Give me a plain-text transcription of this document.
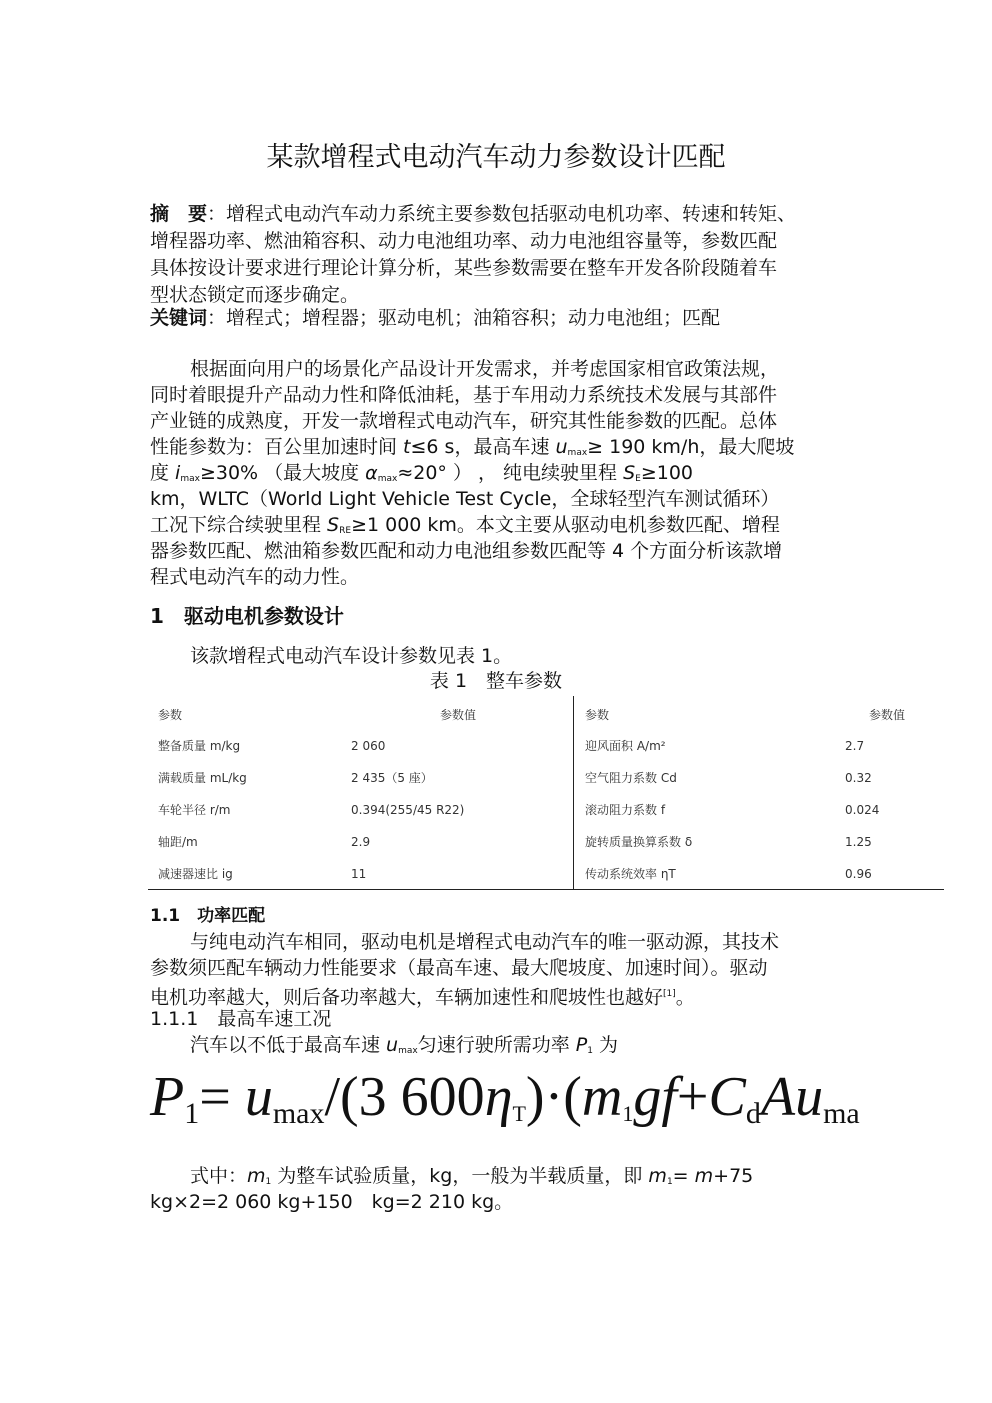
某款增程式电动汽车动力参数设计匹配
摘　要：增程式电动汽车动力系统主要参数包括驱动电机功率、转速和转矩、
增程器功率、燃油箱容积、动力电池组功率、动力电池组容量等，参数匹配
具体按设计要求进行理论计算分析，某些参数需要在整车开发各阶段随着车
型状态锁定而逐步确定。
关键词：增程式；增程器；驱动电机；油箱容积；动力电池组；匹配
根据面向用户的场景化产品设计开发需求，并考虑国家相官政策法规，
同时着眼提升产品动力性和降低油耗，基于车用动力系统技术发展与其部件
产业链的成熟度，开发一款增程式电动汽车，研究其性能参数的匹配。总体
性能参数为：百公里加速时间 t≤6 s，最高车速 $u_{max}\ge 190$ km/h，最大爬坡
度 $i_{max}\ge 30\%$ （最大坡度 $\alpha_{max}\approx 20^\circ$ ） ， 纯电续驶里程 $S_E\ge 100$
km，WLTC（World Light Vehicle Test Cycle，全球轻型汽车测试循环）
工况下综合续驶里程 $S_{RE}\ge 1$ 000 km。本文主要从驱动电机参数匹配、增程
器参数匹配、燃油箱参数匹配和动力电池组参数匹配等 4 个方面分析该款增
程式电动汽车的动力性。
1　驱动电机参数设计
该款增程式电动汽车设计参数见表 1。
表 1　整车参数
参数	参数值	参数	参数值
整备质量 m/kg	2 060	迎风面积 A/m²	2.7
满载质量 mL/kg	2 435（5 座）	空气阻力系数 Cd	0.32
车轮半径 r/m	0.394(255/45 R22)	滚动阻力系数 f	0.024
轴距/m	2.9	旋转质量换算系数 δ	1.25
减速器速比 ig	11	传动系统效率 ηT	0.96
1.1　功率匹配
与纯电动汽车相同，驱动电机是增程式电动汽车的唯一驱动源，其技术
参数须匹配车辆动力性能要求（最高车速、最大爬坡度、加速时间）。驱动
电机功率越大，则后备功率越大，车辆加速性和爬坡性也越好[1]。
1.1.1　最高车速工况
汽车以不低于最高车速 $u_{max}$匀速行驶所需功率 $P_1$ 为
$P_1= u_{max}/(3$ $600\eta_T)\cdot(m_1gf+C_dAu_{ma}$
式中：$m_1$ 为整车试验质量，kg，一般为半载质量，即 $m_1= m+75$
kg×2=2 060 kg+150　kg=2 210 kg。
